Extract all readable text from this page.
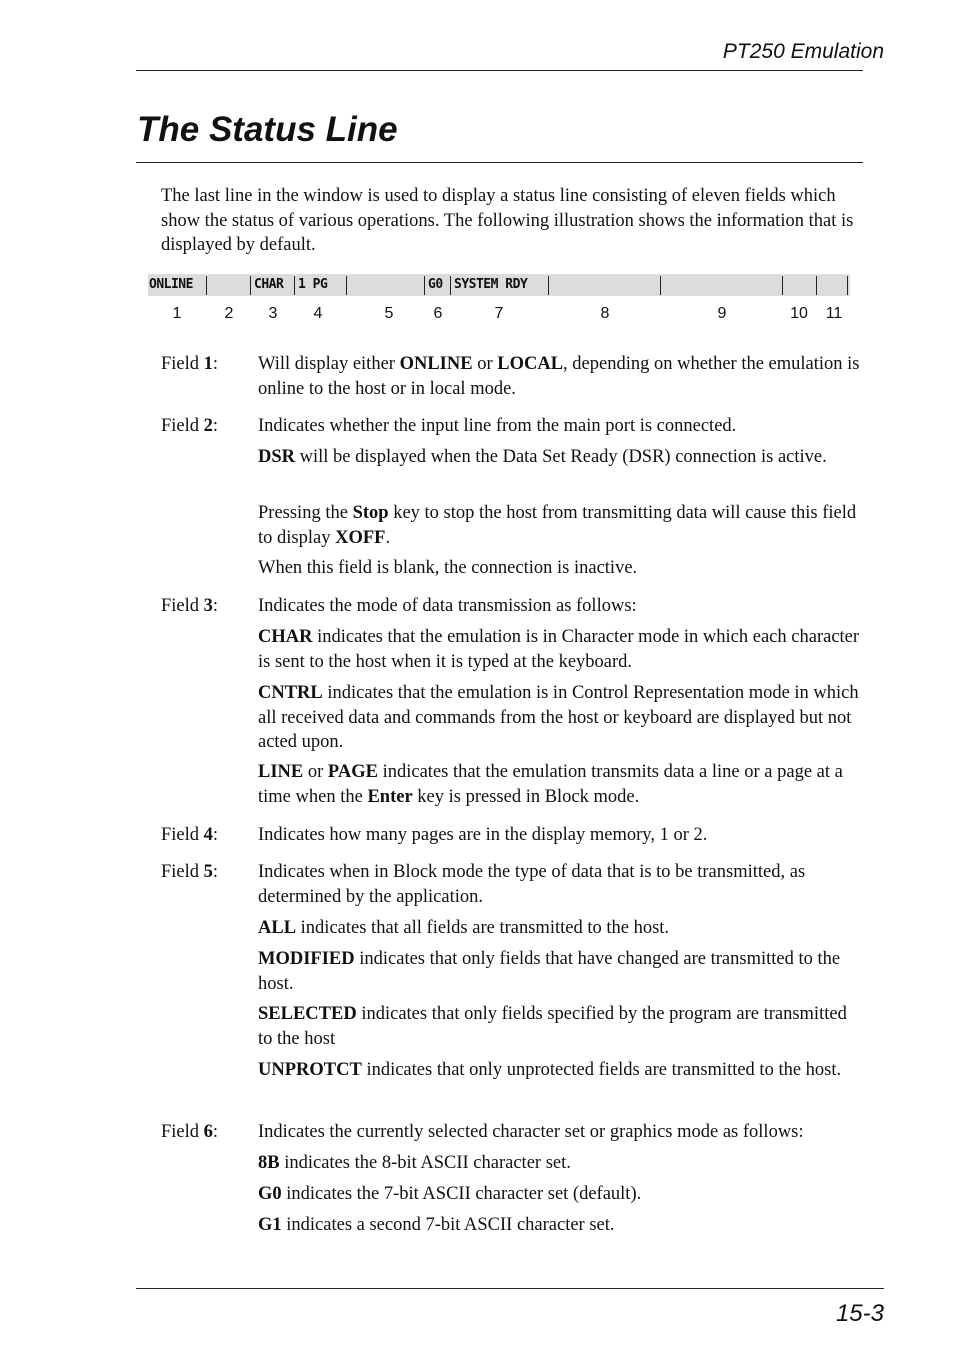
PT250 Emulation
The Status Line

The last line in the window is used to display a status line consisting of eleven fields which show the status of various operations. The following illustration shows the information that is displayed by default.

ONLINE	CHAR 1 PG	G0 SYSTEM RDY
1	2 3 4	5	6	7	8	9	10 11
Field 1: Will display either ONLINE or LOCAL, depending on whether the emulation is online to the host or in local mode.

Field 2: Indicates whether the input line from the main port is connected.

DSR will be displayed when the Data Set Ready (DSR) connection is active.

Pressing the Stop key to stop the host from transmitting data will cause this field to display XOFF.

When this field is blank, the connection is inactive.

Field 3: Indicates the mode of data transmission as follows:

CHAR indicates that the emulation is in Character mode in which each character is sent to the host when it is typed at the keyboard.

CNTRL indicates that the emulation is in Control Representation mode in which all received data and commands from the host or keyboard are displayed but not acted upon.

LINE or PAGE indicates that the emulation transmits data a line or a page at a time when the Enter key is pressed in Block mode.

Field 4: Indicates how many pages are in the display memory, 1 or 2.

Field 5: Indicates when in Block mode the type of data that is to be transmitted, as determined by the application.

ALL indicates that all fields are transmitted to the host.

MODIFIED indicates that only fields that have changed are transmitted to the host.

SELECTED indicates that only fields specified by the program are transmitted to the host

UNPROTCT indicates that only unprotected fields are transmitted to the host.

Field 6: Indicates the currently selected character set or graphics mode as follows:

8B indicates the 8-bit ASCII character set.

G0 indicates the 7-bit ASCII character set (default).

G1 indicates a second 7-bit ASCII character set.

15-3
